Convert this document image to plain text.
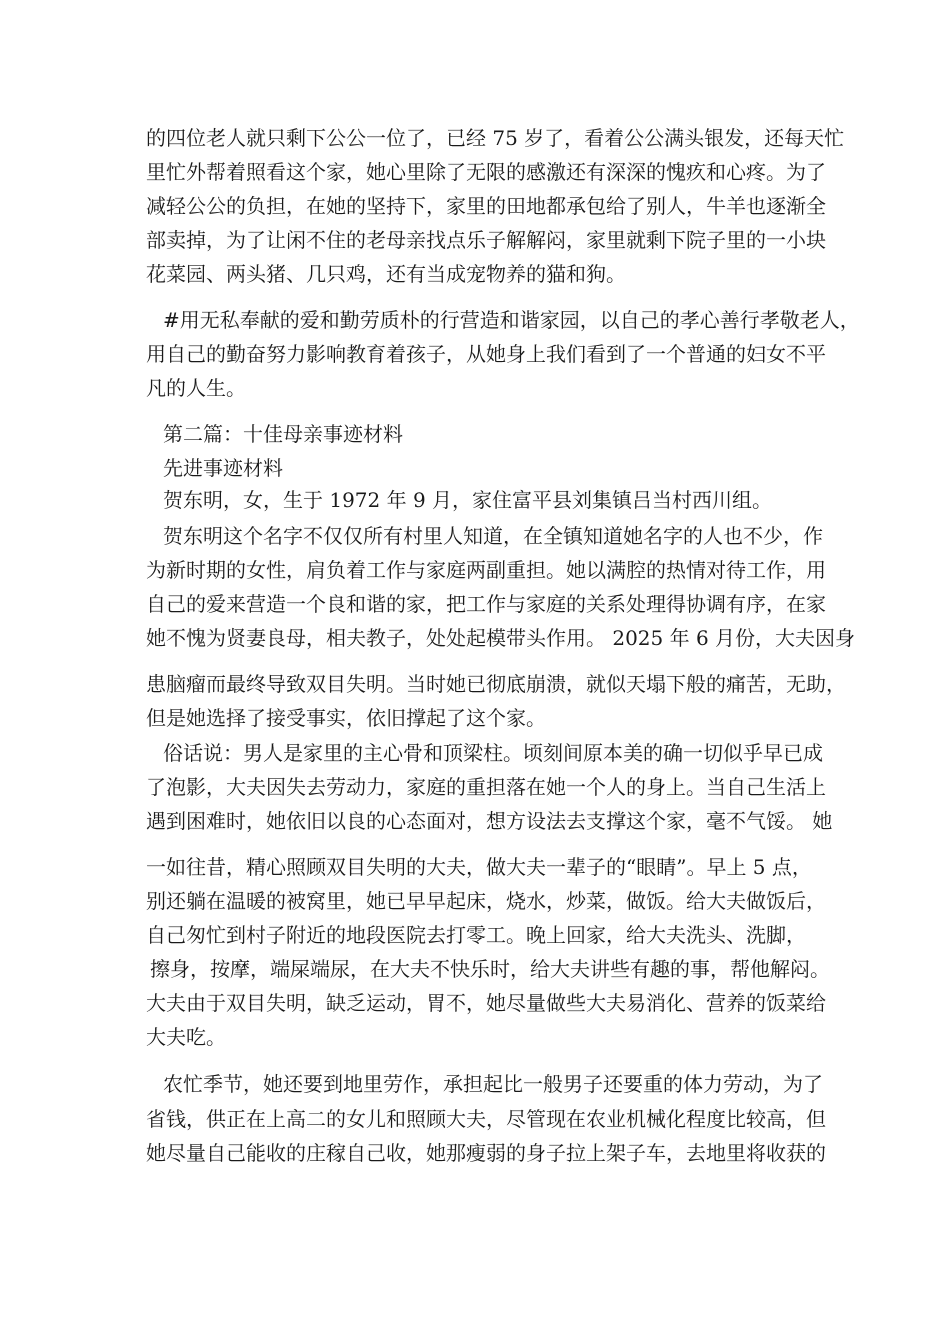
的四位老人就只剩下公公一位了，已经 75 岁了，看着公公满头银发，还每天忙
里忙外帮着照看这个家，她心里除了无限的感激还有深深的愧疚和心疼。为了
减轻公公的负担，在她的坚持下，家里的田地都承包给了别人，牛羊也逐渐全
部卖掉，为了让闲不住的老母亲找点乐子解解闷，家里就剩下院子里的一小块
花菜园、两头猪、几只鸡，还有当成宠物养的猫和狗。
#用无私奉献的爱和勤劳质朴的行营造和谐家园，以自己的孝心善行孝敬老人，
用自己的勤奋努力影响教育着孩子，从她身上我们看到了一个普通的妇女不平
凡的人生。
第二篇：十佳母亲事迹材料
先进事迹材料
贺东明，女，生于 1972 年 9 月，家住富平县刘集镇吕当村西川组。
贺东明这个名字不仅仅所有村里人知道，在全镇知道她名字的人也不少，作
为新时期的女性，肩负着工作与家庭两副重担。她以满腔的热情对待工作，用
自己的爱来营造一个良和谐的家，把工作与家庭的关系处理得协调有序，在家
她不愧为贤妻良母，相夫教子，处处起模带头作用。 2025 年 6 月份，大夫因身
患脑瘤而最终导致双目失明。当时她已彻底崩溃，就似天塌下般的痛苦，无助，
但是她选择了接受事实，依旧撑起了这个家。
俗话说：男人是家里的主心骨和顶梁柱。顷刻间原本美的确一切似乎早已成
了泡影，大夫因失去劳动力，家庭的重担落在她一个人的身上。当自己生活上
遇到困难时，她依旧以良的心态面对，想方设法去支撑这个家，毫不气馁。 她
一如往昔，精心照顾双目失明的大夫，做大夫一辈子的“眼睛”。早上 5 点，
别还躺在温暖的被窝里，她已早早起床，烧水，炒菜，做饭。给大夫做饭后，
自己匆忙到村子附近的地段医院去打零工。晚上回家，给大夫洗头、洗脚，
擦身，按摩，端屎端尿，在大夫不快乐时，给大夫讲些有趣的事，帮他解闷。
大夫由于双目失明，缺乏运动，胃不，她尽量做些大夫易消化、营养的饭菜给
大夫吃。
农忙季节，她还要到地里劳作，承担起比一般男子还要重的体力劳动，为了
省钱，供正在上高二的女儿和照顾大夫，尽管现在农业机械化程度比较高，但
她尽量自己能收的庄稼自己收，她那瘦弱的身子拉上架子车，去地里将收获的
